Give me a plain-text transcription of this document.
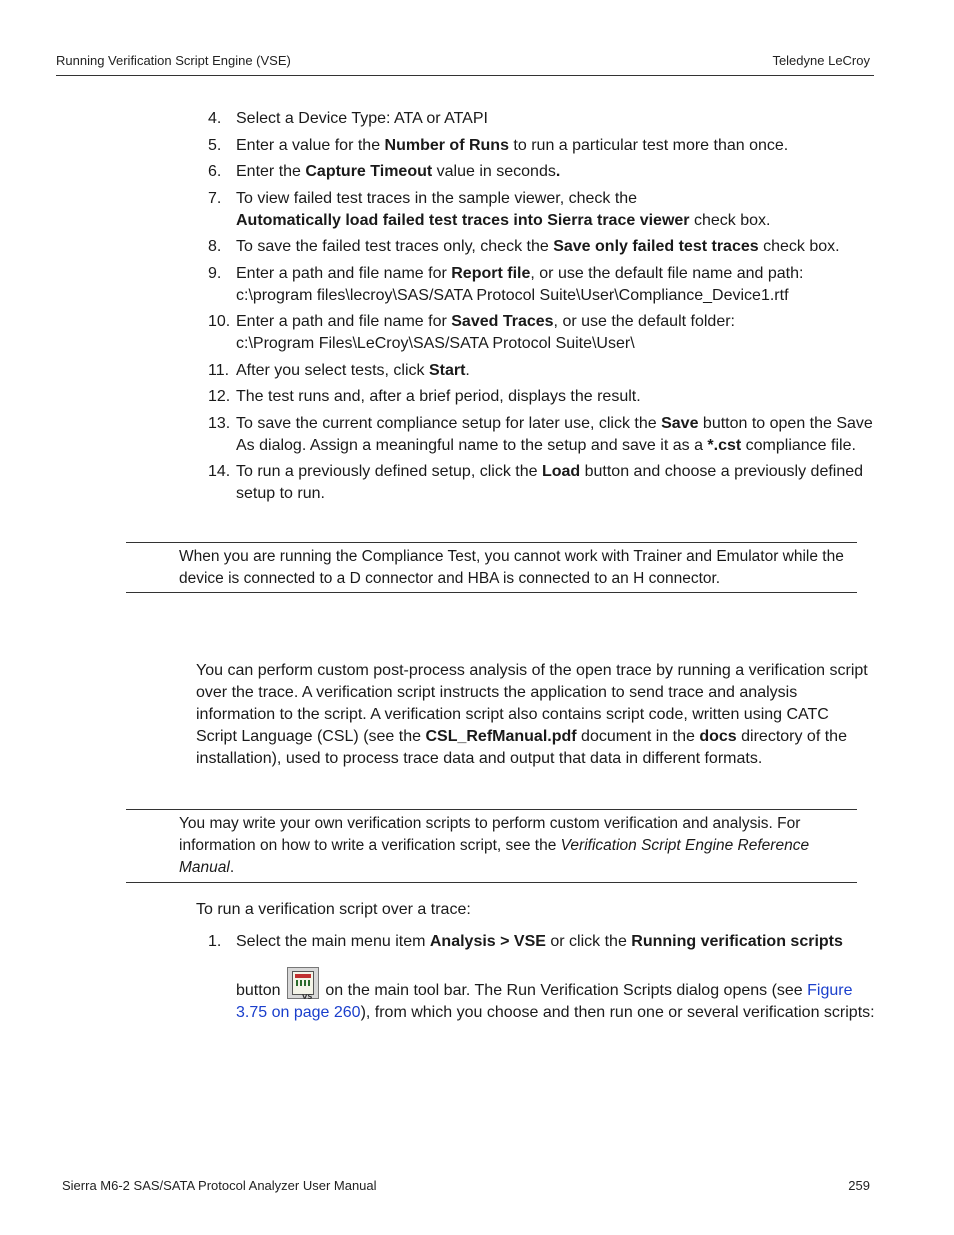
Running Verification Script Engine (VSE)	Teledyne LeCroy
4. Select a Device Type: ATA or ATAPI
5. Enter a value for the Number of Runs to run a particular test more than once.
6. Enter the Capture Timeout value in seconds.
7. To view failed test traces in the sample viewer, check the
Automatically load failed test traces into Sierra trace viewer check box.
8. To save the failed test traces only, check the Save only failed test traces check box.
9. Enter a path and file name for Report file, or use the default file name and path:
c:\program files\lecroy\SAS/SATA Protocol Suite\User\Compliance_Device1.rtf
10. Enter a path and file name for Saved Traces, or use the default folder:
c:\Program Files\LeCroy\SAS/SATA Protocol Suite\User\
11. After you select tests, click Start.
12. The test runs and, after a brief period, displays the result.
13. To save the current compliance setup for later use, click the Save button to open the Save As dialog. Assign a meaningful name to the setup and save it as a *.cst compliance file.
14. To run a previously defined setup, click the Load button and choose a previously defined setup to run.
When you are running the Compliance Test, you cannot work with Trainer and Emulator while the device is connected to a D connector and HBA is connected to an H connector.
You can perform custom post-process analysis of the open trace by running a verification script over the trace. A verification script instructs the application to send trace and analysis information to the script. A verification script also contains script code, written using CATC Script Language (CSL) (see the CSL_RefManual.pdf document in the docs directory of the installation), used to process trace data and output that data in different formats.
You may write your own verification scripts to perform custom verification and analysis. For information on how to write a verification script, see the Verification Script Engine Reference Manual.
To run a verification script over a trace:
1. Select the main menu item Analysis > VSE or click the Running verification scripts
button VS on the main tool bar. The Run Verification Scripts dialog opens (see Figure 3.75 on page 260), from which you choose and then run one or several verification scripts:
Sierra M6-2 SAS/SATA Protocol Analyzer User Manual	259
